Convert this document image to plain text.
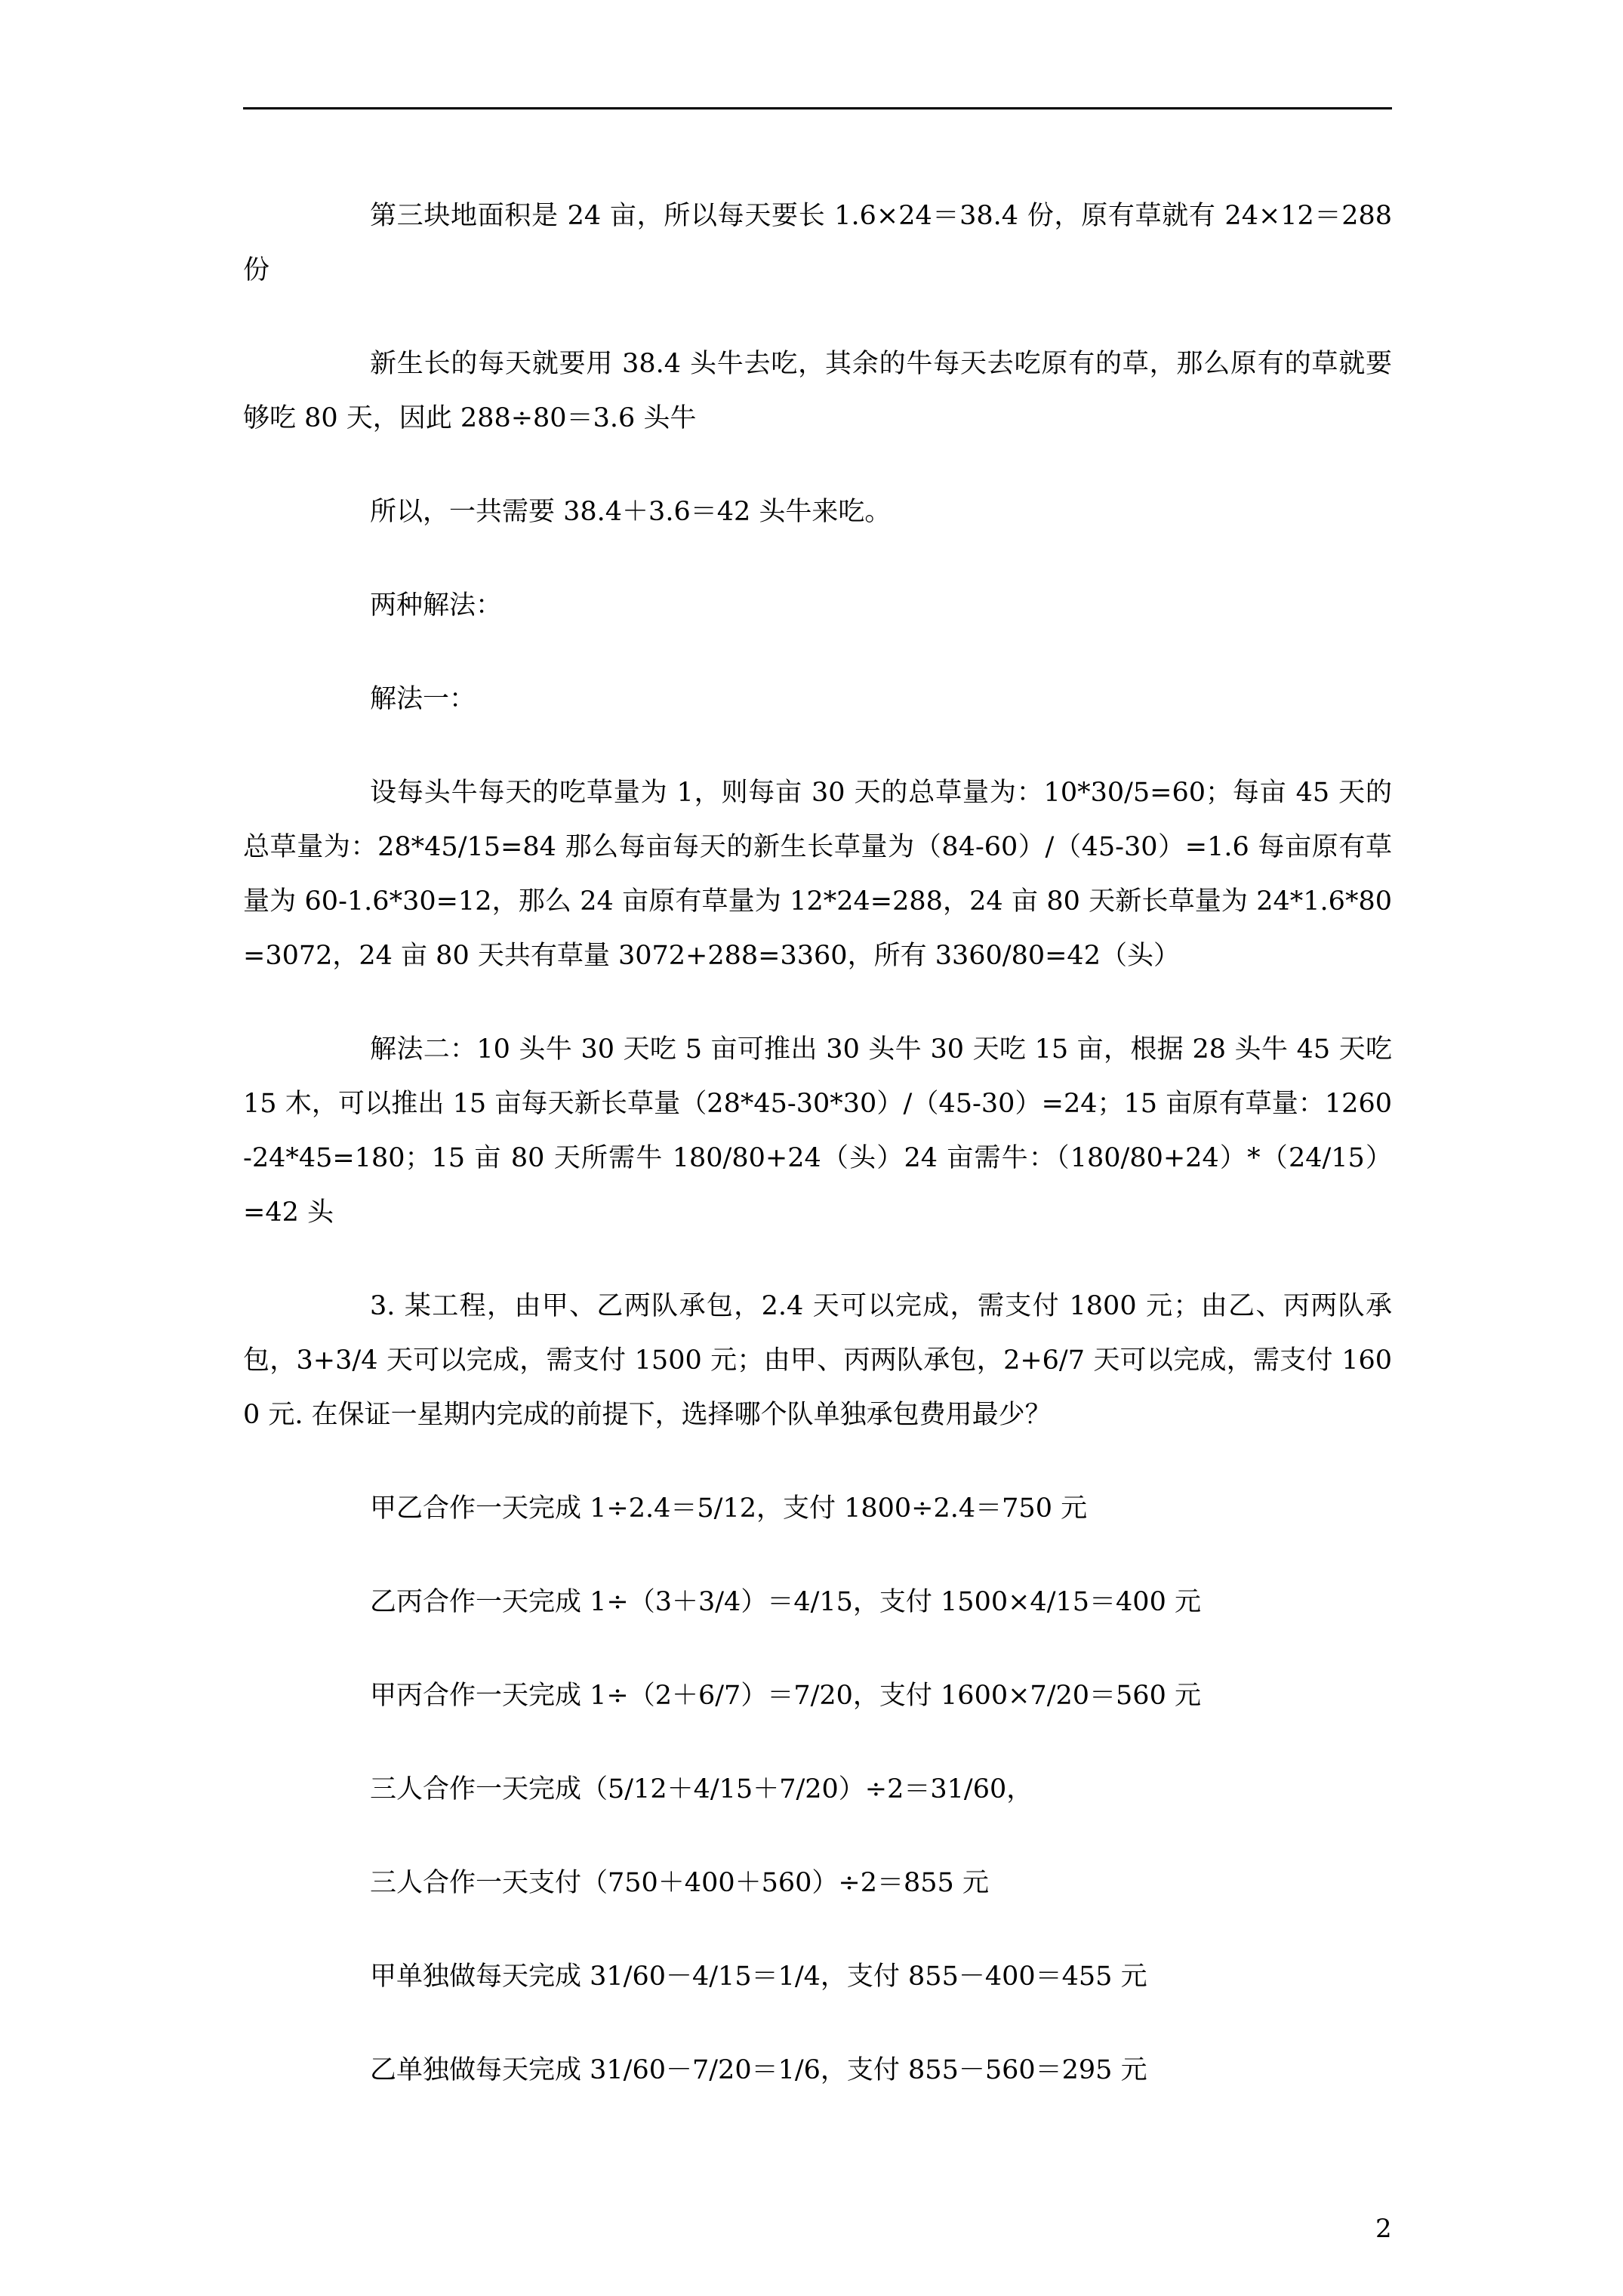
第三块地面积是 24 亩，所以每天要长 1.6×24＝38.4 份，原有草就有 24×12＝288 份

新生长的每天就要用 38.4 头牛去吃，其余的牛每天去吃原有的草，那么原有的草就要够吃 80 天，因此 288÷80＝3.6 头牛

所以，一共需要 38.4＋3.6＝42 头牛来吃。

两种解法：

解法一：

设每头牛每天的吃草量为 1，则每亩 30 天的总草量为：10*30/5=60；每亩 45 天的总草量为：28*45/15=84 那么每亩每天的新生长草量为（84-60）/（45-30）=1.6 每亩原有草量为 60-1.6*30=12，那么 24 亩原有草量为 12*24=288，24 亩 80 天新长草量为 24*1.6*80=3072，24 亩 80 天共有草量 3072+288=3360，所有 3360/80=42（头）

解法二：10 头牛 30 天吃 5 亩可推出 30 头牛 30 天吃 15 亩，根据 28 头牛 45 天吃 15 木，可以推出 15 亩每天新长草量（28*45-30*30）/（45-30）=24；15 亩原有草量：1260-24*45=180；15 亩 80 天所需牛 180/80+24（头）24 亩需牛：（180/80+24）*（24/15）=42 头

3. 某工程，由甲、乙两队承包，2.4 天可以完成，需支付 1800 元；由乙、丙两队承包，3+3/4 天可以完成，需支付 1500 元；由甲、丙两队承包，2+6/7 天可以完成，需支付 1600 元. 在保证一星期内完成的前提下，选择哪个队单独承包费用最少？

甲乙合作一天完成 1÷2.4＝5/12，支付 1800÷2.4＝750 元

乙丙合作一天完成 1÷（3＋3/4）＝4/15，支付 1500×4/15＝400 元

甲丙合作一天完成 1÷（2＋6/7）＝7/20，支付 1600×7/20＝560 元

三人合作一天完成（5/12＋4/15＋7/20）÷2＝31/60，

三人合作一天支付（750＋400＋560）÷2＝855 元

甲单独做每天完成 31/60－4/15＝1/4，支付 855－400＝455 元

乙单独做每天完成 31/60－7/20＝1/6，支付 855－560＝295 元

2
